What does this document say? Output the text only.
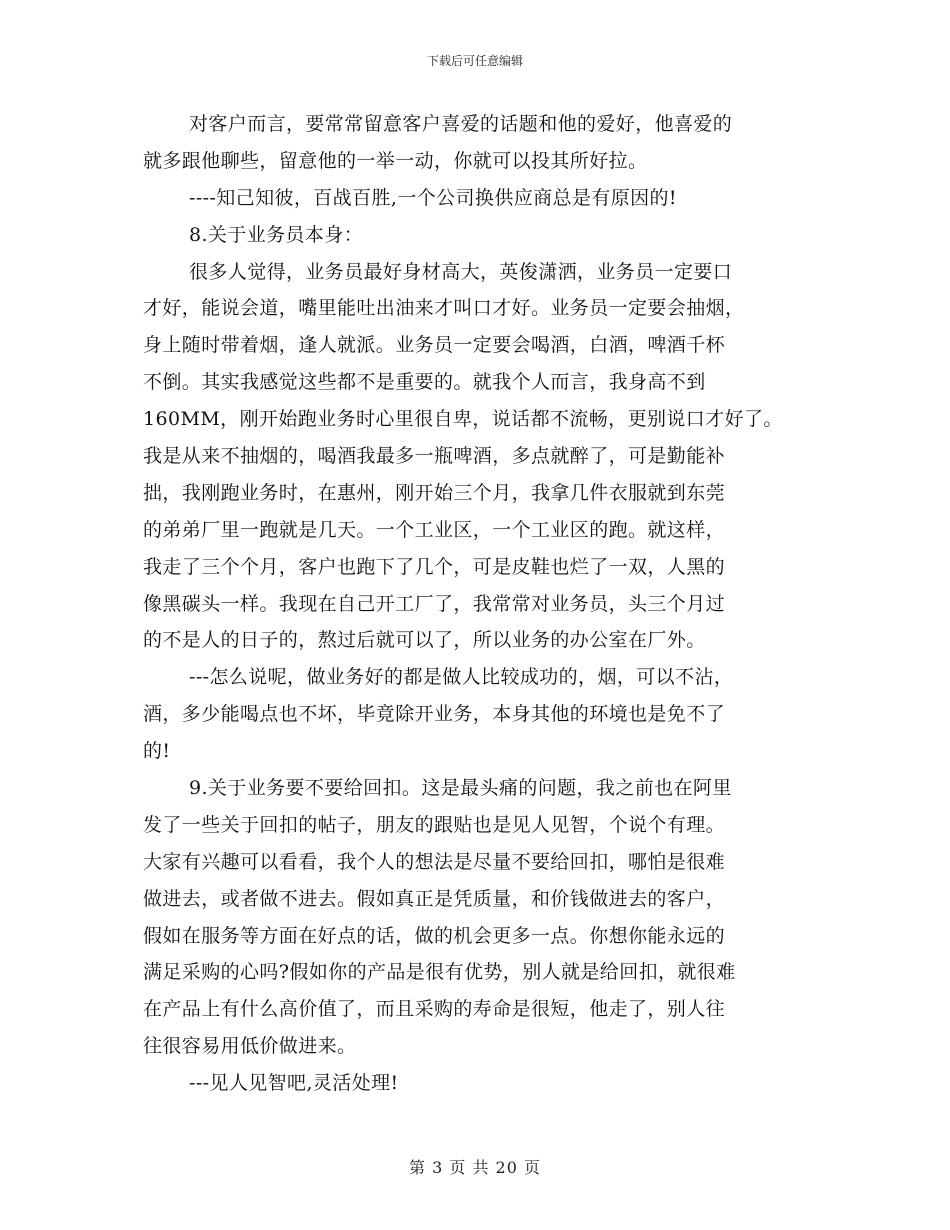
下载后可任意编辑
对客户而言，要常常留意客户喜爱的话题和他的爱好，他喜爱的
就多跟他聊些，留意他的一举一动，你就可以投其所好拉。
----知己知彼，百战百胜,一个公司换供应商总是有原因的!
8.关于业务员本身：
很多人觉得，业务员最好身材高大，英俊潇洒，业务员一定要口
才好，能说会道，嘴里能吐出油来才叫口才好。业务员一定要会抽烟，
身上随时带着烟，逢人就派。业务员一定要会喝酒，白酒，啤酒千杯
不倒。其实我感觉这些都不是重要的。就我个人而言，我身高不到
160MM，刚开始跑业务时心里很自卑，说话都不流畅，更别说口才好了。
我是从来不抽烟的，喝酒我最多一瓶啤酒，多点就醉了，可是勤能补
拙，我刚跑业务时，在惠州，刚开始三个月，我拿几件衣服就到东莞
的弟弟厂里一跑就是几天。一个工业区，一个工业区的跑。就这样，
我走了三个个月，客户也跑下了几个，可是皮鞋也烂了一双，人黑的
像黑碳头一样。我现在自己开工厂了，我常常对业务员，头三个月过
的不是人的日子的，熬过后就可以了，所以业务的办公室在厂外。
---怎么说呢，做业务好的都是做人比较成功的，烟，可以不沾，
酒，多少能喝点也不坏，毕竟除开业务，本身其他的环境也是免不了
的!
9.关于业务要不要给回扣。这是最头痛的问题，我之前也在阿里
发了一些关于回扣的帖子，朋友的跟贴也是见人见智，个说个有理。
大家有兴趣可以看看，我个人的想法是尽量不要给回扣，哪怕是很难
做进去，或者做不进去。假如真正是凭质量，和价钱做进去的客户，
假如在服务等方面在好点的话，做的机会更多一点。你想你能永远的
满足采购的心吗?假如你的产品是很有优势，别人就是给回扣，就很难
在产品上有什么高价值了，而且采购的寿命是很短，他走了，别人往
往很容易用低价做进来。
---见人见智吧,灵活处理!
第 3 页 共 20 页
